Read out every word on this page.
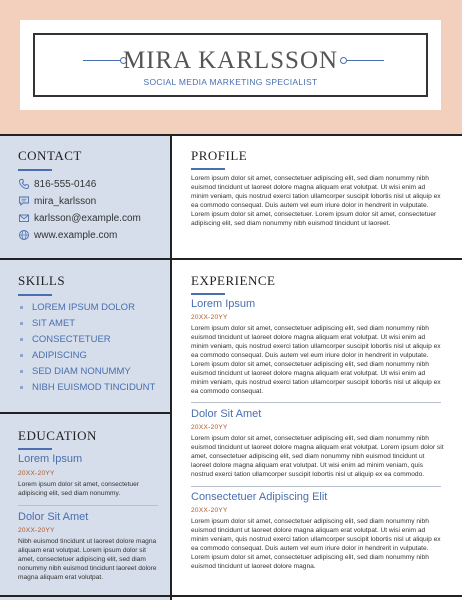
MIRA KARLSSON
SOCIAL MEDIA MARKETING SPECIALIST
CONTACT
816-555-0146
mira_karlsson
karlsson@example.com
www.example.com
SKILLS
LOREM IPSUM DOLOR
SIT AMET
CONSECTETUER
ADIPISCING
SED DIAM NONUMMY
NIBH EUISMOD TINCIDUNT
EDUCATION
Lorem Ipsum
20XX-20YY
Lorem ipsum dolor sit amet, consectetuer adipiscing elit, sed diam nonummy.
Dolor Sit Amet
20XX-20YY
Nibh euismod tincidunt ut laoreet dolore magna aliquam erat volutpat. Lorem ipsum dolor sit amet, consectetuer adipiscing elit, sed diam nonummy nibh euismod tincidunt laoreet dolore magna aliquam erat volutpat.
PROFILE
Lorem ipsum dolor sit amet, consectetuer adipiscing elit, sed diam nonummy nibh euismod tincidunt ut laoreet dolore magna aliquam erat volutpat. Ut wisi enim ad minim veniam, quis nostrud exerci tation ullamcorper suscipit lobortis nisl ut aliquip ex ea commodo consequat. Duis autem vel eum iriure dolor in hendrerit in vulputate. Lorem ipsum dolor sit amet, consectetuer. Lorem ipsum dolor sit amet, consectetuer adipiscing elit, sed diam nonummy nibh euismod tincidunt ut laoreet.
EXPERIENCE
Lorem Ipsum
20XX-20YY
Lorem ipsum dolor sit amet, consectetuer adipiscing elit, sed diam nonummy nibh euismod tincidunt ut laoreet dolore magna aliquam erat volutpat. Ut wisi enim ad minim veniam, quis nostrud exerci tation ullamcorper suscipit lobortis nisl ut aliquip ex ea commodo consequat. Duis autem vel eum iriure dolor in hendrerit in vulputate. Lorem ipsum dolor sit amet, consectetuer adipiscing elit, sed diam nonummy nibh euismod tincidunt ut laoreet dolore magna aliquam erat volutpat. Ut wisi enim ad minim veniam, quis nostrud exerci tation ullamcorper suscipit lobortis nisl ut aliquip ex ea commodo consequat.
Dolor Sit Amet
20XX-20YY
Lorem ipsum dolor sit amet, consectetuer adipiscing elit, sed diam nonummy nibh euismod tincidunt ut laoreet dolore magna aliquam erat volutpat. Lorem ipsum dolor sit amet, consectetuer adipiscing elit, sed diam nonummy nibh euismod tincidunt ut laoreet dolore magna aliquam erat volutpat. Ut wisi enim ad minim veniam, quis nostrud exerci tation ullamcorper suscipit lobortis nisl ut aliquip ex ea commodo.
Consectetuer Adipiscing Elit
20XX-20YY
Lorem ipsum dolor sit amet, consectetuer adipiscing elit, sed diam nonummy nibh euismod tincidunt ut laoreet dolore magna aliquam erat volutpat. Ut wisi enim ad minim veniam, quis nostrud exerci tation ullamcorper suscipit lobortis nisl ut aliquip ex ea commodo consequat. Duis autem vel eum iriure dolor in hendrerit in vulputate. Lorem ipsum dolor sit amet, consectetuer adipiscing elit, sed diam nonummy nibh euismod tincidunt ut laoreet dolore magna.
